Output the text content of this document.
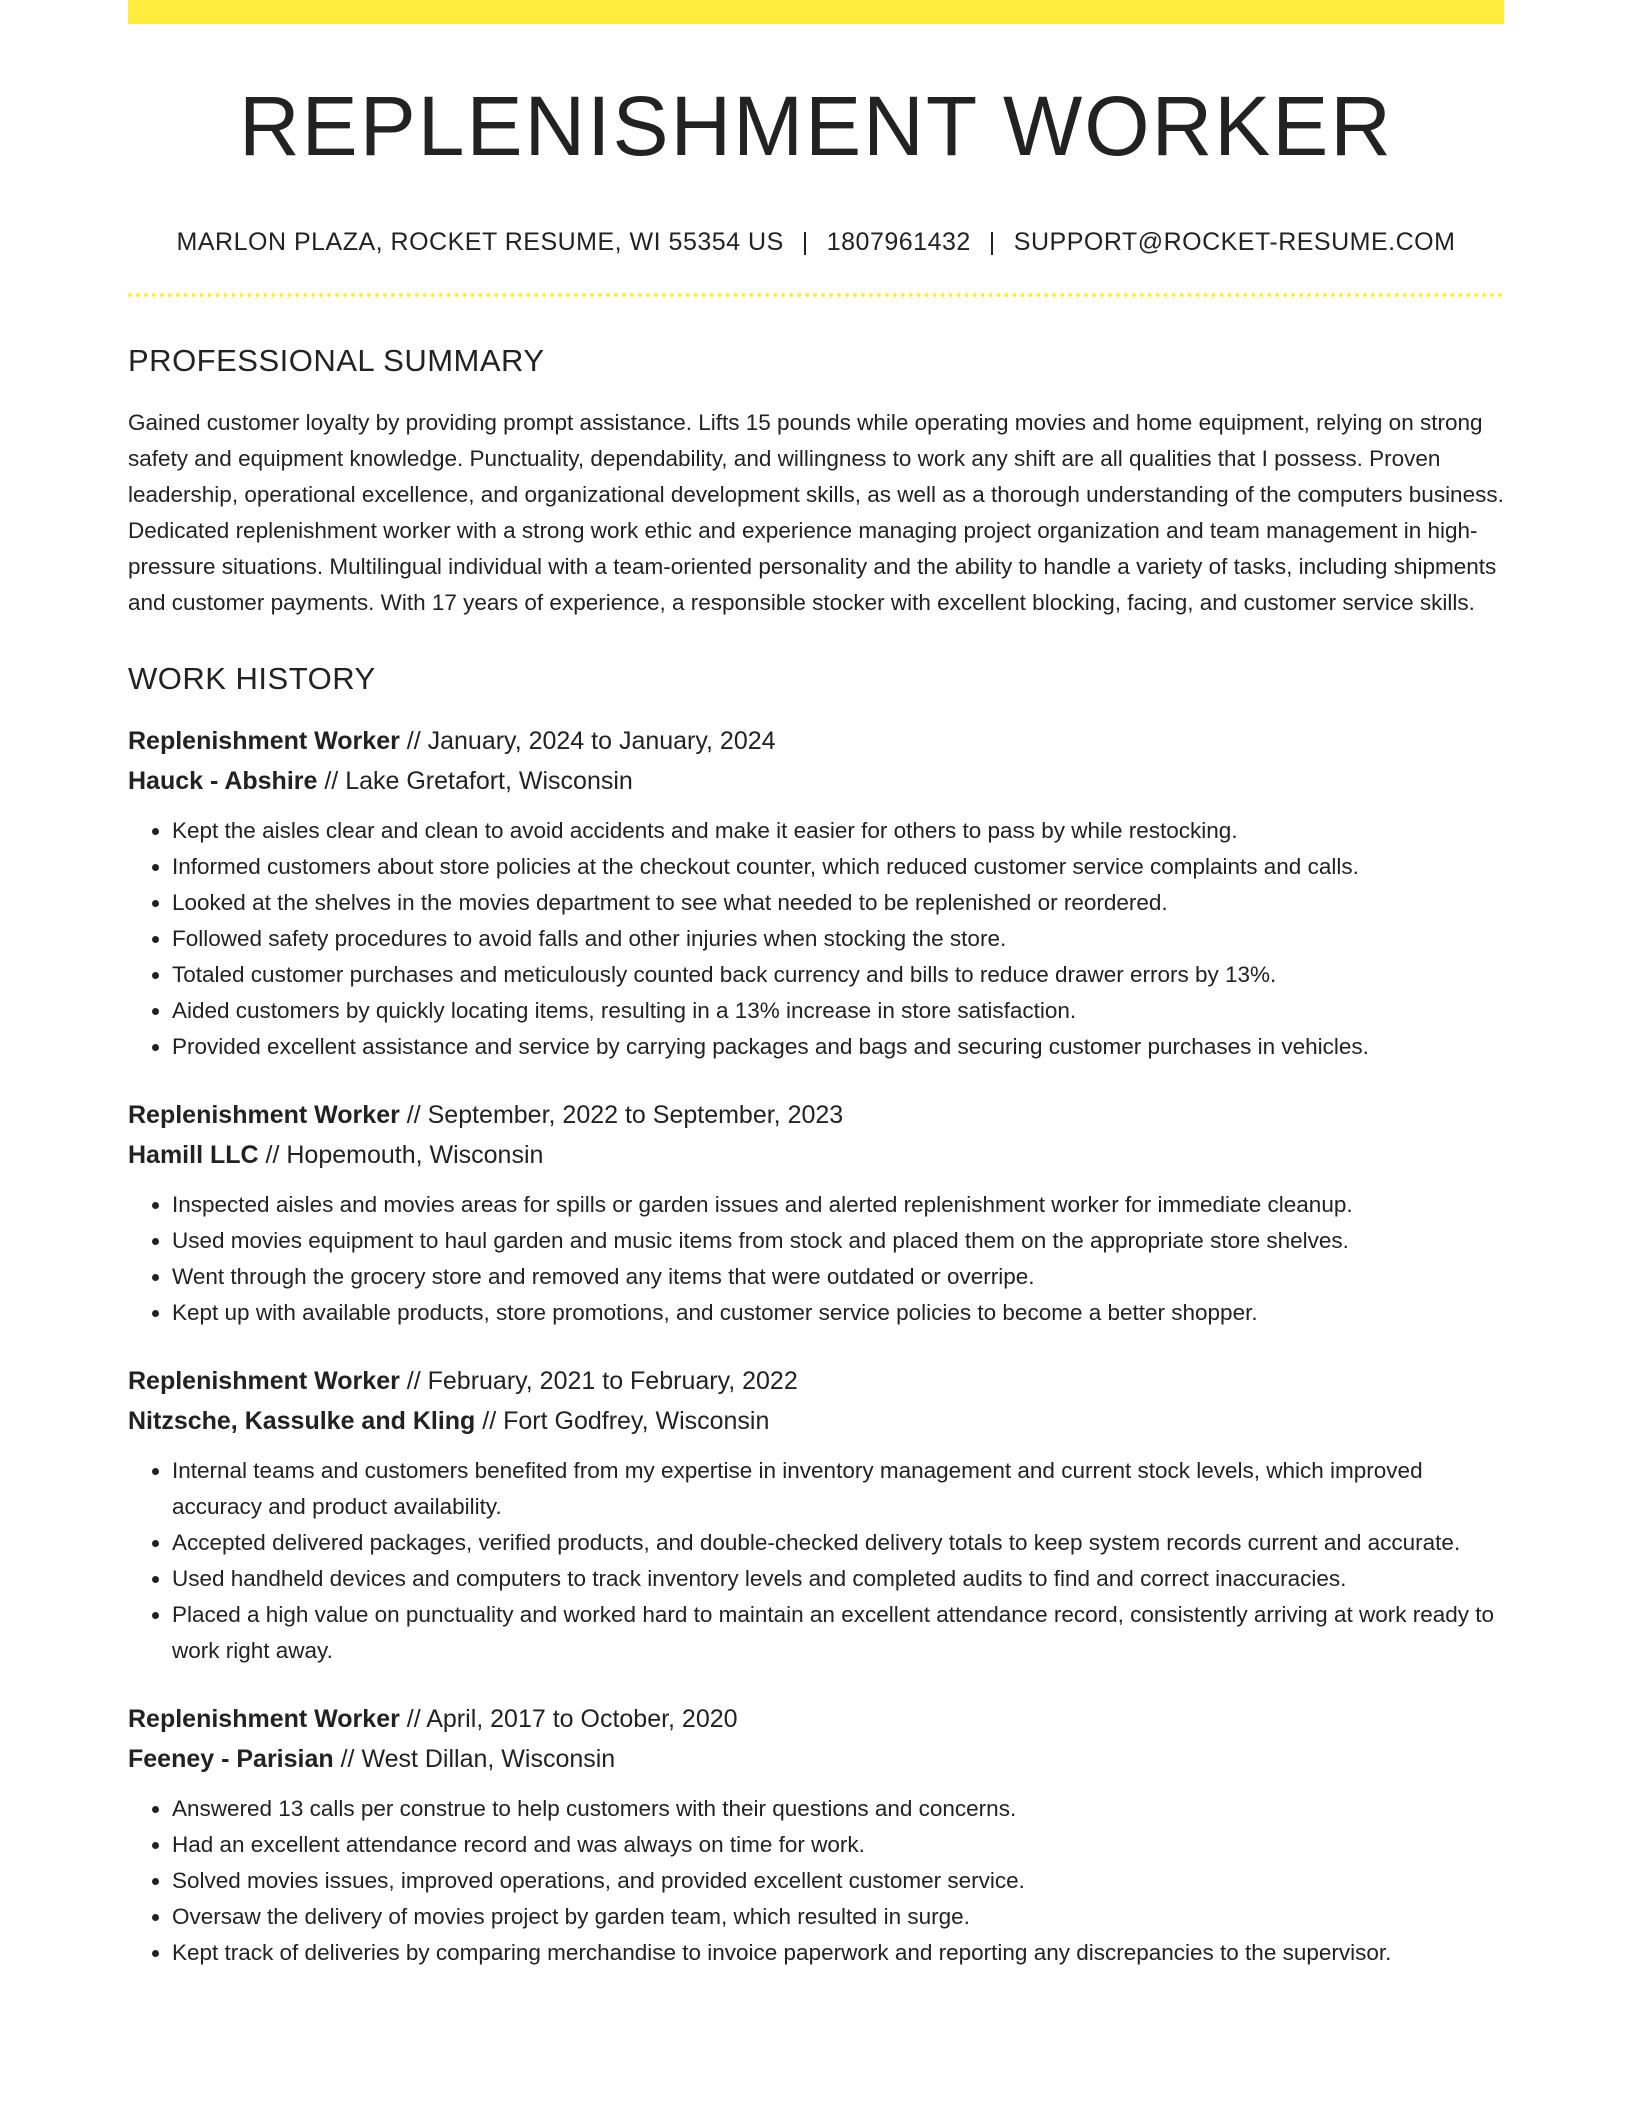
REPLENISHMENT WORKER
MARLON PLAZA, ROCKET RESUME, WI 55354 US | 1807961432 | SUPPORT@ROCKET-RESUME.COM
PROFESSIONAL SUMMARY

Gained customer loyalty by providing prompt assistance. Lifts 15 pounds while operating movies and home equipment, relying on strong safety and equipment knowledge. Punctuality, dependability, and willingness to work any shift are all qualities that I possess. Proven leadership, operational excellence, and organizational development skills, as well as a thorough understanding of the computers business. Dedicated replenishment worker with a strong work ethic and experience managing project organization and team management in high-pressure situations. Multilingual individual with a team-oriented personality and the ability to handle a variety of tasks, including shipments and customer payments. With 17 years of experience, a responsible stocker with excellent blocking, facing, and customer service skills.

WORK HISTORY
Replenishment Worker // January, 2024 to January, 2024
Hauck - Abshire // Lake Gretafort, Wisconsin
• Kept the aisles clear and clean to avoid accidents and make it easier for others to pass by while restocking.
• Informed customers about store policies at the checkout counter, which reduced customer service complaints and calls.
• Looked at the shelves in the movies department to see what needed to be replenished or reordered.
• Followed safety procedures to avoid falls and other injuries when stocking the store.
• Totaled customer purchases and meticulously counted back currency and bills to reduce drawer errors by 13%.
• Aided customers by quickly locating items, resulting in a 13% increase in store satisfaction.
• Provided excellent assistance and service by carrying packages and bags and securing customer purchases in vehicles.
Replenishment Worker // September, 2022 to September, 2023
Hamill LLC // Hopemouth, Wisconsin
• Inspected aisles and movies areas for spills or garden issues and alerted replenishment worker for immediate cleanup.
• Used movies equipment to haul garden and music items from stock and placed them on the appropriate store shelves.
• Went through the grocery store and removed any items that were outdated or overripe.
• Kept up with available products, store promotions, and customer service policies to become a better shopper.
Replenishment Worker // February, 2021 to February, 2022
Nitzsche, Kassulke and Kling // Fort Godfrey, Wisconsin
• Internal teams and customers benefited from my expertise in inventory management and current stock levels, which improved accuracy and product availability.
• Accepted delivered packages, verified products, and double-checked delivery totals to keep system records current and accurate.
• Used handheld devices and computers to track inventory levels and completed audits to find and correct inaccuracies.
• Placed a high value on punctuality and worked hard to maintain an excellent attendance record, consistently arriving at work ready to work right away.
Replenishment Worker // April, 2017 to October, 2020
Feeney - Parisian // West Dillan, Wisconsin
• Answered 13 calls per construe to help customers with their questions and concerns.
• Had an excellent attendance record and was always on time for work.
• Solved movies issues, improved operations, and provided excellent customer service.
• Oversaw the delivery of movies project by garden team, which resulted in surge.
• Kept track of deliveries by comparing merchandise to invoice paperwork and reporting any discrepancies to the supervisor.
